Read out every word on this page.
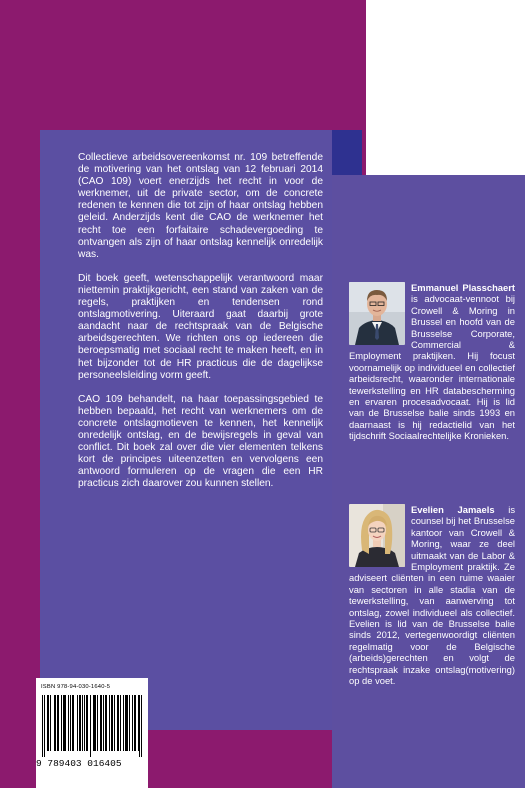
Collectieve arbeidsovereenkomst nr. 109 betreffende de motivering van het ontslag van 12 februari 2014 (CAO 109) voert enerzijds het recht in voor de werknemer, uit de private sector, om de concrete redenen te kennen die tot zijn of haar ontslag hebben geleid. Anderzijds kent die CAO de werknemer het recht toe een forfaitaire schadevergoeding te ontvangen als zijn of haar ontslag kennelijk onredelijk was.

Dit boek geeft, wetenschappelijk verantwoord maar niettemin praktijkgericht, een stand van zaken van de regels, praktijken en tendensen rond ontslagmotivering. Uiteraard gaat daarbij grote aandacht naar de rechtspraak van de Belgische arbeidsgerechten. We richten ons op iedereen die beroepsmatig met sociaal recht te maken heeft, en in het bijzonder tot de HR practicus die de dagelijkse personeelsleiding vorm geeft.

CAO 109 behandelt, na haar toepassingsgebied te hebben bepaald, het recht van werknemers om de concrete ontslagmotieven te kennen, het kennelijk onredelijk ontslag, en de bewijsregels in geval van conflict. Dit boek zal over die vier elementen telkens kort de principes uiteenzetten en vervolgens een antwoord formuleren op de vragen die een HR practicus zich daarover zou kunnen stellen.

Emmanuel Plasschaert is advocaat-vennoot bij Crowell & Moring in Brussel en hoofd van de Brusselse Corporate, Commercial & Employment praktijken. Hij focust voornamelijk op individueel en collectief arbeidsrecht, waaronder internationale tewerkstelling en HR databescherming en ervaren procesadvocaat. Hij is lid van de Brusselse balie sinds 1993 en daarnaast is hij redactielid van het tijdschrift Sociaalrechtelijke Kronieken.
Evelien Jamaels is counsel bij het Brusselse kantoor van Crowell & Moring, waar ze deel uitmaakt van de Labor & Employment praktijk. Ze adviseert cliënten in een ruime waaier van sectoren in alle stadia van de tewerkstelling, van aanwerving tot ontslag, zowel individueel als collectief. Evelien is lid van de Brusselse balie sinds 2012, vertegenwoordigt cliënten regelmatig voor de Belgische (arbeids)gerechten en volgt de rechtspraak inzake ontslag(motivering) op de voet.
ISBN 978-94-030-1640-5
9 789403 016405
